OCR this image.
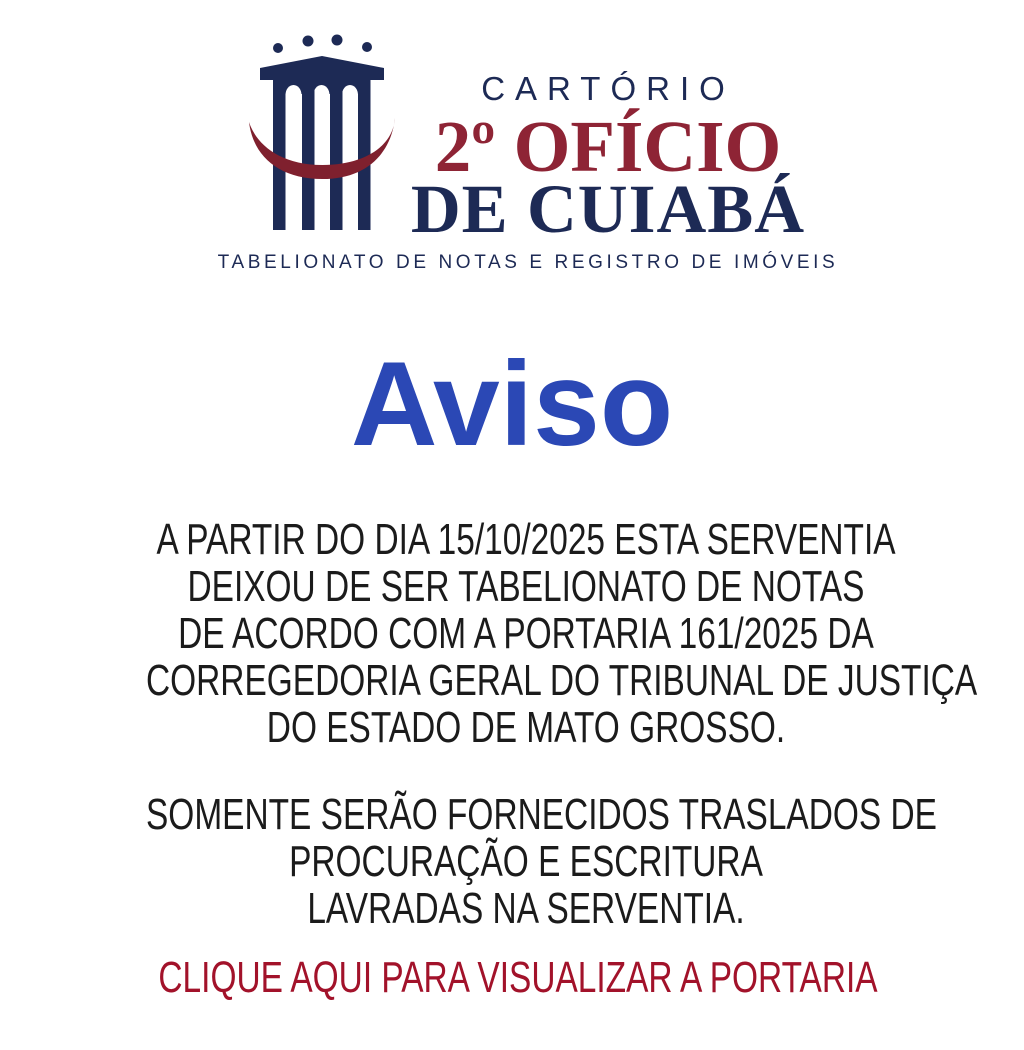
CARTÓRIO
2º OFÍCIO
DE CUIABÁ
TABELIONATO DE NOTAS E REGISTRO DE IMÓVEIS
Aviso
A PARTIR DO DIA 15/10/2025 ESTA SERVENTIA
DEIXOU DE SER TABELIONATO DE NOTAS
DE ACORDO COM A PORTARIA 161/2025 DA
CORREGEDORIA GERAL DO TRIBUNAL DE JUSTIÇA
DO ESTADO DE MATO GROSSO.
SOMENTE SERÃO FORNECIDOS TRASLADOS DE
PROCURAÇÃO E ESCRITURA
LAVRADAS NA SERVENTIA.
CLIQUE AQUI PARA VISUALIZAR A PORTARIA
